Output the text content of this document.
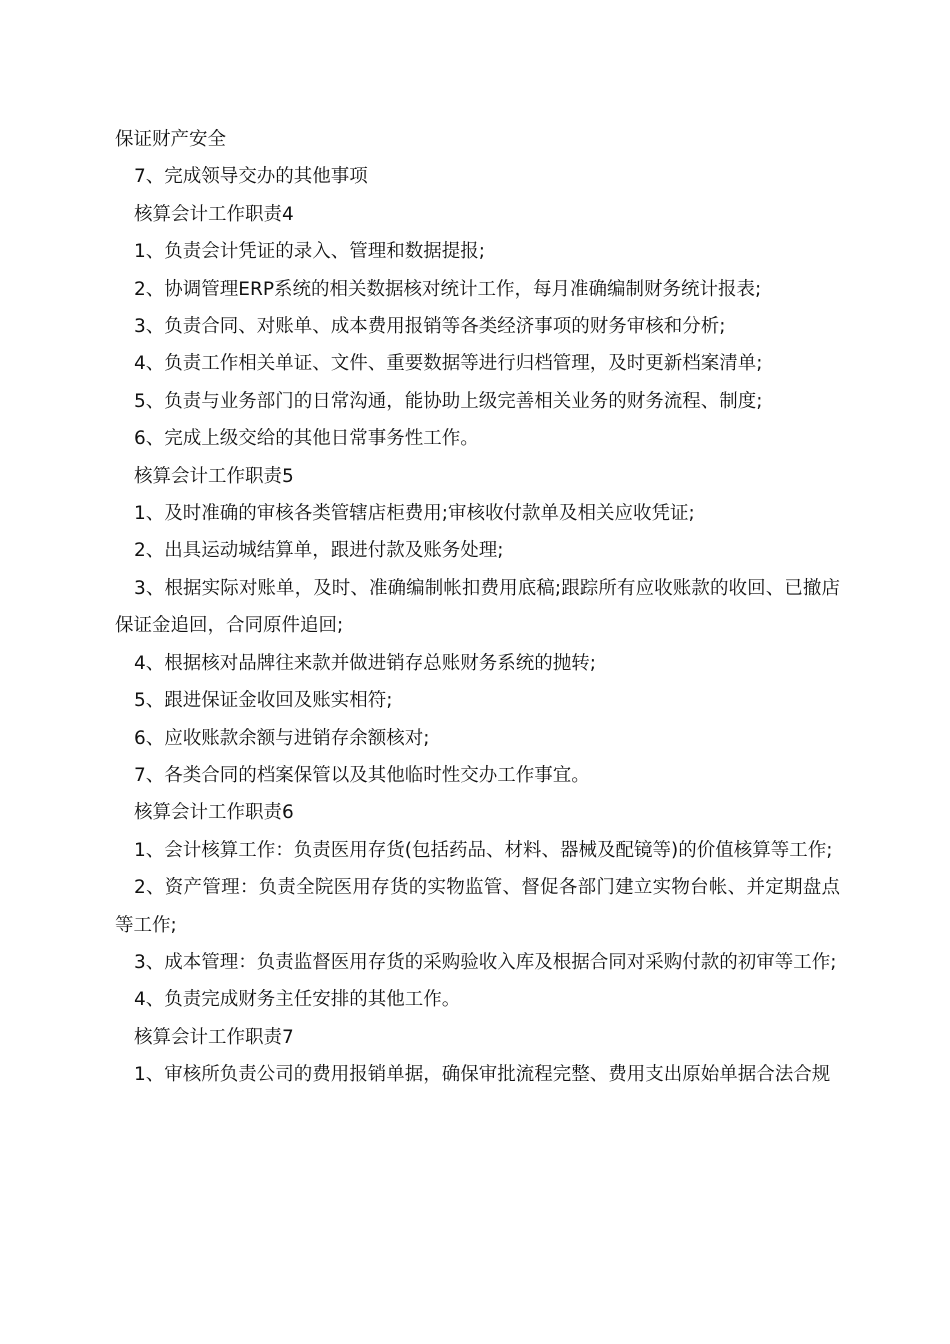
保证财产安全

7、完成领导交办的其他事项

核算会计工作职责4

1、负责会计凭证的录入、管理和数据提报;

2、协调管理ERP系统的相关数据核对统计工作，每月准确编制财务统计报表;

3、负责合同、对账单、成本费用报销等各类经济事项的财务审核和分析;

4、负责工作相关单证、文件、重要数据等进行归档管理，及时更新档案清单;

5、负责与业务部门的日常沟通，能协助上级完善相关业务的财务流程、制度;

6、完成上级交给的其他日常事务性工作。

核算会计工作职责5

1、及时准确的审核各类管辖店柜费用;审核收付款单及相关应收凭证;

2、出具运动城结算单，跟进付款及账务处理;

3、根据实际对账单，及时、准确编制帐扣费用底稿;跟踪所有应收账款的收回、已撤店保证金追回，合同原件追回;

4、根据核对品牌往来款并做进销存总账财务系统的抛转;

5、跟进保证金收回及账实相符;

6、应收账款余额与进销存余额核对;

7、各类合同的档案保管以及其他临时性交办工作事宜。

核算会计工作职责6

1、会计核算工作：负责医用存货(包括药品、材料、器械及配镜等)的价值核算等工作;

2、资产管理：负责全院医用存货的实物监管、督促各部门建立实物台帐、并定期盘点等工作;

3、成本管理：负责监督医用存货的采购验收入库及根据合同对采购付款的初审等工作;

4、负责完成财务主任安排的其他工作。

核算会计工作职责7

1、审核所负责公司的费用报销单据，确保审批流程完整、费用支出原始单据合法合规
